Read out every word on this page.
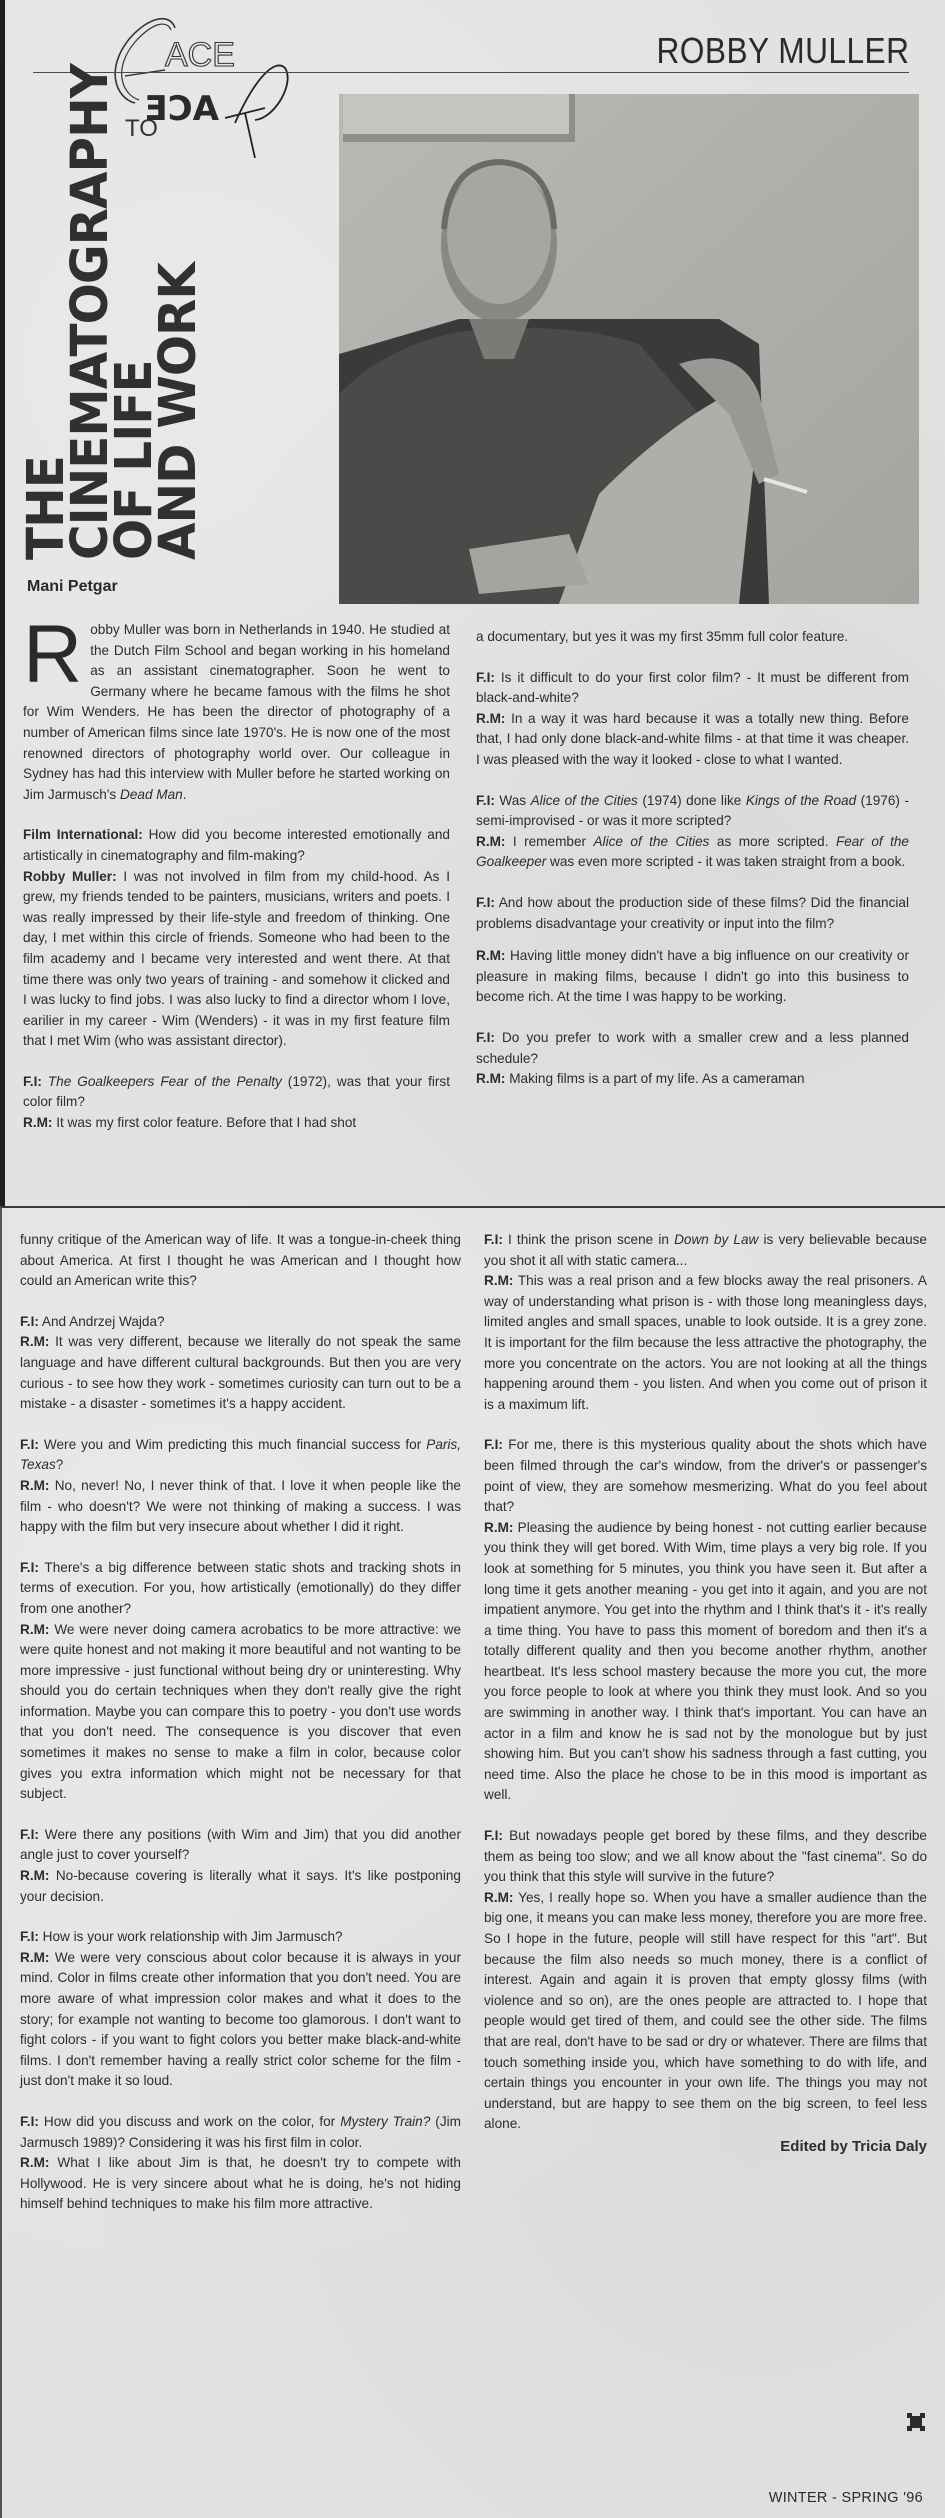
ACE
TO
ACE
ROBBY MULLER
THE
CINEMATOGRAPHY
OF LIFE
AND WORK
Mani Petgar

Robby Muller was born in Netherlands in 1940. He studied at the Dutch Film School and began working in his homeland as an assistant cinematographer. Soon he went to Germany where he became famous with the films he shot for Wim Wenders. He has been the director of photography of a number of American films since late 1970's. He is now one of the most renowned directors of photography world over. Our colleague in Sydney has had this interview with Muller before he started working on Jim Jarmusch's Dead Man.

Film International: How did you become interested emotionally and artistically in cinematography and film-making?

Robby Muller: I was not involved in film from my child-hood. As I grew, my friends tended to be painters, musicians, writers and poets. I was really impressed by their life-style and freedom of thinking. One day, I met within this circle of friends. Someone who had been to the film academy and I became very interested and went there. At that time there was only two years of training - and somehow it clicked and I was lucky to find jobs. I was also lucky to find a director whom I love, earilier in my career - Wim (Wenders) - it was in my first feature film that I met Wim (who was assistant director).

F.I: The Goalkeepers Fear of the Penalty (1972), was that your first color film?

R.M: It was my first color feature. Before that I had shot

a documentary, but yes it was my first 35mm full color feature.

F.I: Is it difficult to do your first color film? - It must be different from black-and-white?

R.M: In a way it was hard because it was a totally new thing. Before that, I had only done black-and-white films - at that time it was cheaper. I was pleased with the way it looked - close to what I wanted.

F.I: Was Alice of the Cities (1974) done like Kings of the Road (1976) - semi-improvised - or was it more scripted?

R.M: I remember Alice of the Cities as more scripted. Fear of the Goalkeeper was even more scripted - it was taken straight from a book.

F.I: And how about the production side of these films? Did the financial problems disadvantage your creativity or input into the film?

R.M: Having little money didn't have a big influence on our creativity or pleasure in making films, because I didn't go into this business to become rich. At the time I was happy to be working.

F.I: Do you prefer to work with a smaller crew and a less planned schedule?

R.M: Making films is a part of my life. As a cameraman

funny critique of the American way of life. It was a tongue-in-cheek thing about America. At first I thought he was American and I thought how could an American write this?

F.I: And Andrzej Wajda?

R.M: It was very different, because we literally do not speak the same language and have different cultural backgrounds. But then you are very curious - to see how they work - sometimes curiosity can turn out to be a mistake - a disaster - sometimes it's a happy accident.

F.I: Were you and Wim predicting this much financial success for Paris, Texas?

R.M: No, never! No, I never think of that. I love it when people like the film - who doesn't? We were not thinking of making a success. I was happy with the film but very insecure about whether I did it right.

F.I: There's a big difference between static shots and tracking shots in terms of execution. For you, how artistically (emotionally) do they differ from one another?

R.M: We were never doing camera acrobatics to be more attractive: we were quite honest and not making it more beautiful and not wanting to be more impressive - just functional without being dry or uninteresting. Why should you do certain techniques when they don't really give the right information. Maybe you can compare this to poetry - you don't use words that you don't need. The consequence is you discover that even sometimes it makes no sense to make a film in color, because color gives you extra information which might not be necessary for that subject.

F.I: Were there any positions (with Wim and Jim) that you did another angle just to cover yourself?

R.M: No-because covering is literally what it says. It's like postponing your decision.

F.I: How is your work relationship with Jim Jarmusch?

R.M: We were very conscious about color because it is always in your mind. Color in films create other information that you don't need. You are more aware of what impression color makes and what it does to the story; for example not wanting to become too glamorous. I don't want to fight colors - if you want to fight colors you better make black-and-white films. I don't remember having a really strict color scheme for the film - just don't make it so loud.

F.I: How did you discuss and work on the color, for Mystery Train? (Jim Jarmusch 1989)? Considering it was his first film in color.

R.M: What I like about Jim is that, he doesn't try to compete with Hollywood. He is very sincere about what he is doing, he's not hiding himself behind techniques to make his film more attractive.

F.I: I think the prison scene in Down by Law is very believable because you shot it all with static camera...

R.M: This was a real prison and a few blocks away the real prisoners. A way of understanding what prison is - with those long meaningless days, limited angles and small spaces, unable to look outside. It is a grey zone. It is important for the film because the less attractive the photography, the more you concentrate on the actors. You are not looking at all the things happening around them - you listen. And when you come out of prison it is a maximum lift.

F.I: For me, there is this mysterious quality about the shots which have been filmed through the car's window, from the driver's or passenger's point of view, they are somehow mesmerizing. What do you feel about that?

R.M: Pleasing the audience by being honest - not cutting earlier because you think they will get bored. With Wim, time plays a very big role. If you look at something for 5 minutes, you think you have seen it. But after a long time it gets another meaning - you get into it again, and you are not impatient anymore. You get into the rhythm and I think that's it - it's really a time thing. You have to pass this moment of boredom and then it's a totally different quality and then you become another rhythm, another heartbeat. It's less school mastery because the more you cut, the more you force people to look at where you think they must look. And so you are swimming in another way. I think that's important. You can have an actor in a film and know he is sad not by the monologue but by just showing him. But you can't show his sadness through a fast cutting, you need time. Also the place he chose to be in this mood is important as well.

F.I: But nowadays people get bored by these films, and they describe them as being too slow; and we all know about the "fast cinema". So do you think that this style will survive in the future?

R.M: Yes, I really hope so. When you have a smaller audience than the big one, it means you can make less money, therefore you are more free. So I hope in the future, people will still have respect for this "art". But because the film also needs so much money, there is a conflict of interest. Again and again it is proven that empty glossy films (with violence and so on), are the ones people are attracted to. I hope that people would get tired of them, and could see the other side. The films that are real, don't have to be sad or dry or whatever. There are films that touch something inside you, which have something to do with life, and certain things you encounter in your own life. The things you may not understand, but are happy to see them on the big screen, to feel less alone.

Edited by Tricia Daly
WINTER - SPRING '96
